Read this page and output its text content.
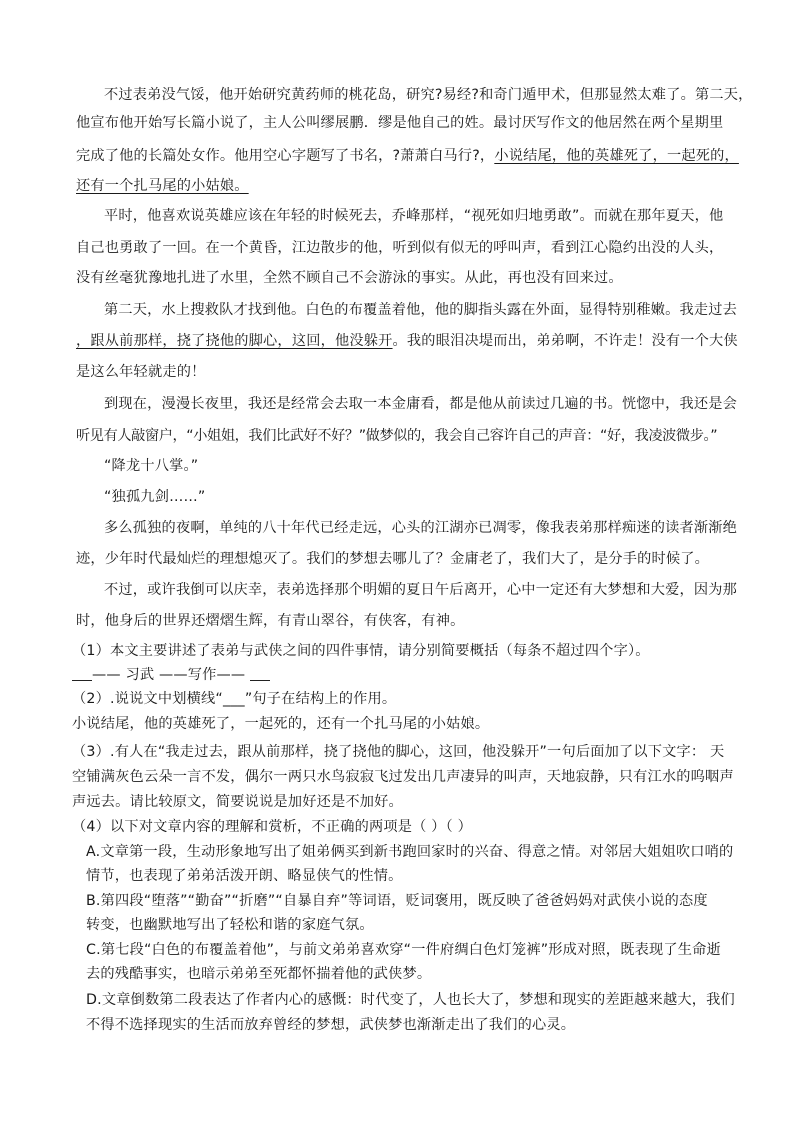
不过表弟没气馁，他开始研究黄药师的桃花岛，研究?易经?和奇门遁甲术，但那显然太难了。第二天，
他宣布他开始写长篇小说了，主人公叫缪展鹏．缪是他自己的姓。最讨厌写作文的他居然在两个星期里
完成了他的长篇处女作。他用空心字题写了书名，?萧萧白马行?，小说结尾，他的英雄死了，一起死的，
还有一个扎马尾的小姑娘。
平时，他喜欢说英雄应该在年轻的时候死去，乔峰那样，“视死如归地勇敢”。而就在那年夏天，他
自己也勇敢了一回。在一个黄昏，江边散步的他，听到似有似无的呼叫声，看到江心隐约出没的人头，
没有丝毫犹豫地扎进了水里，全然不顾自己不会游泳的事实。从此，再也没有回来过。
第二天，水上搜救队才找到他。白色的布覆盖着他，他的脚指头露在外面，显得特别稚嫩。我走过去
，跟从前那样，挠了挠他的脚心，这回，他没躲开。我的眼泪决堤而出，弟弟啊，不许走！没有一个大侠
是这么年轻就走的！
到现在，漫漫长夜里，我还是经常会去取一本金庸看，都是他从前读过几遍的书。恍惚中，我还是会
听见有人敲窗户，“小姐姐，我们比武好不好？”做梦似的，我会自己容许自己的声音：“好，我凌波微步。”
“降龙十八掌。”
“独孤九剑……”
多么孤独的夜啊，单纯的八十年代已经走远，心头的江湖亦已凋零，像我表弟那样痴迷的读者渐渐绝
迹，少年时代最灿烂的理想熄灭了。我们的梦想去哪儿了？金庸老了，我们大了，是分手的时候了。
不过，或许我倒可以庆幸，表弟选择那个明媚的夏日午后离开，心中一定还有大梦想和大爱，因为那
时，他身后的世界还熠熠生辉，有青山翠谷，有侠客，有神。
（1）本文主要讲述了表弟与武侠之间的四件事情，请分别简要概括（每条不超过四个字）。
—— 习武 ——写作——
（2）.说说文中划横线“___”句子在结构上的作用。
小说结尾，他的英雄死了，一起死的，还有一个扎马尾的小姑娘。
（3）.有人在“我走过去，跟从前那样，挠了挠他的脚心，这回，他没躲开”一句后面加了以下文字： 天
空铺满灰色云朵一言不发，偶尔一两只水鸟寂寂飞过发出几声凄异的叫声，天地寂静，只有江水的呜咽声
声远去。请比较原文，简要说说是加好还是不加好。
（4）以下对文章内容的理解和赏析，不正确的两项是（ ）（ ）
A.文章第一段，生动形象地写出了姐弟俩买到新书跑回家时的兴奋、得意之情。对邻居大姐姐吹口哨的
情节，也表现了弟弟活泼开朗、略显侠气的性情。
B.第四段“堕落”“勤奋”“折磨”“自暴自弃”等词语，贬词褒用，既反映了爸爸妈妈对武侠小说的态度
转变，也幽默地写出了轻松和谐的家庭气氛。
C.第七段“白色的布覆盖着他”，与前文弟弟喜欢穿“一件府绸白色灯笼裤”形成对照，既表现了生命逝
去的残酷事实，也暗示弟弟至死都怀揣着他的武侠梦。
D.文章倒数第二段表达了作者内心的感慨：时代变了，人也长大了，梦想和现实的差距越来越大，我们
不得不选择现实的生活而放弃曾经的梦想，武侠梦也渐渐走出了我们的心灵。
